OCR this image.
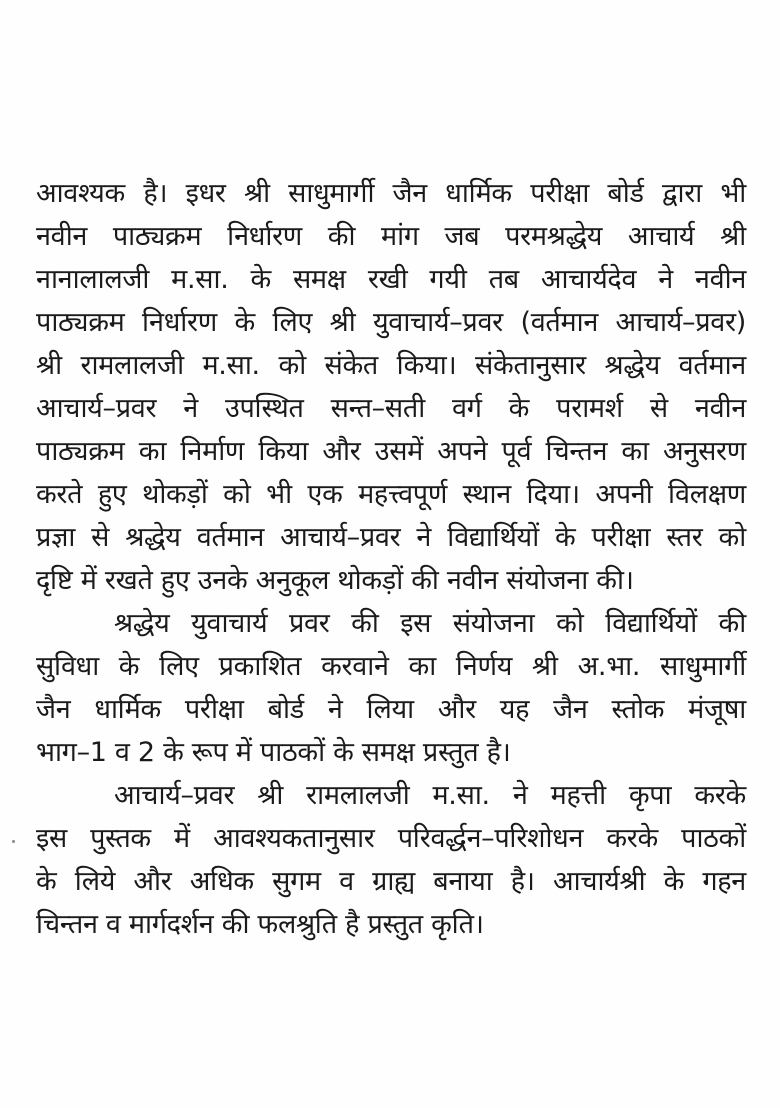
आवश्यक है। इधर श्री साधुमार्गी जैन धार्मिक परीक्षा बोर्ड द्वारा भी
नवीन पाठ्यक्रम निर्धारण की मांग जब परमश्रद्धेय आचार्य श्री
नानालालजी म.सा. के समक्ष रखी गयी तब आचार्यदेव ने नवीन
पाठ्यक्रम निर्धारण के लिए श्री युवाचार्य–प्रवर (वर्तमान आचार्य–प्रवर)
श्री रामलालजी म.सा. को संकेत किया। संकेतानुसार श्रद्धेय वर्तमान
आचार्य–प्रवर ने उपस्थित सन्त–सती वर्ग के परामर्श से नवीन
पाठ्यक्रम का निर्माण किया और उसमें अपने पूर्व चिन्तन का अनुसरण
करते हुए थोकड़ों को भी एक महत्त्वपूर्ण स्थान दिया। अपनी विलक्षण
प्रज्ञा से श्रद्धेय वर्तमान आचार्य–प्रवर ने विद्यार्थियों के परीक्षा स्तर को
दृष्टि में रखते हुए उनके अनुकूल थोकड़ों की नवीन संयोजना की।
श्रद्धेय युवाचार्य प्रवर की इस संयोजना को विद्यार्थियों की
सुविधा के लिए प्रकाशित करवाने का निर्णय श्री अ.भा. साधुमार्गी
जैन धार्मिक परीक्षा बोर्ड ने लिया और यह जैन स्तोक मंजूषा
भाग–1 व 2 के रूप में पाठकों के समक्ष प्रस्तुत है।
आचार्य–प्रवर श्री रामलालजी म.सा. ने महत्ती कृपा करके
इस पुस्तक में आवश्यकतानुसार परिवर्द्धन–परिशोधन करके पाठकों
के लिये और अधिक सुगम व ग्राह्य बनाया है। आचार्यश्री के गहन
चिन्तन व मार्गदर्शन की फलश्रुति है प्रस्तुत कृति।
